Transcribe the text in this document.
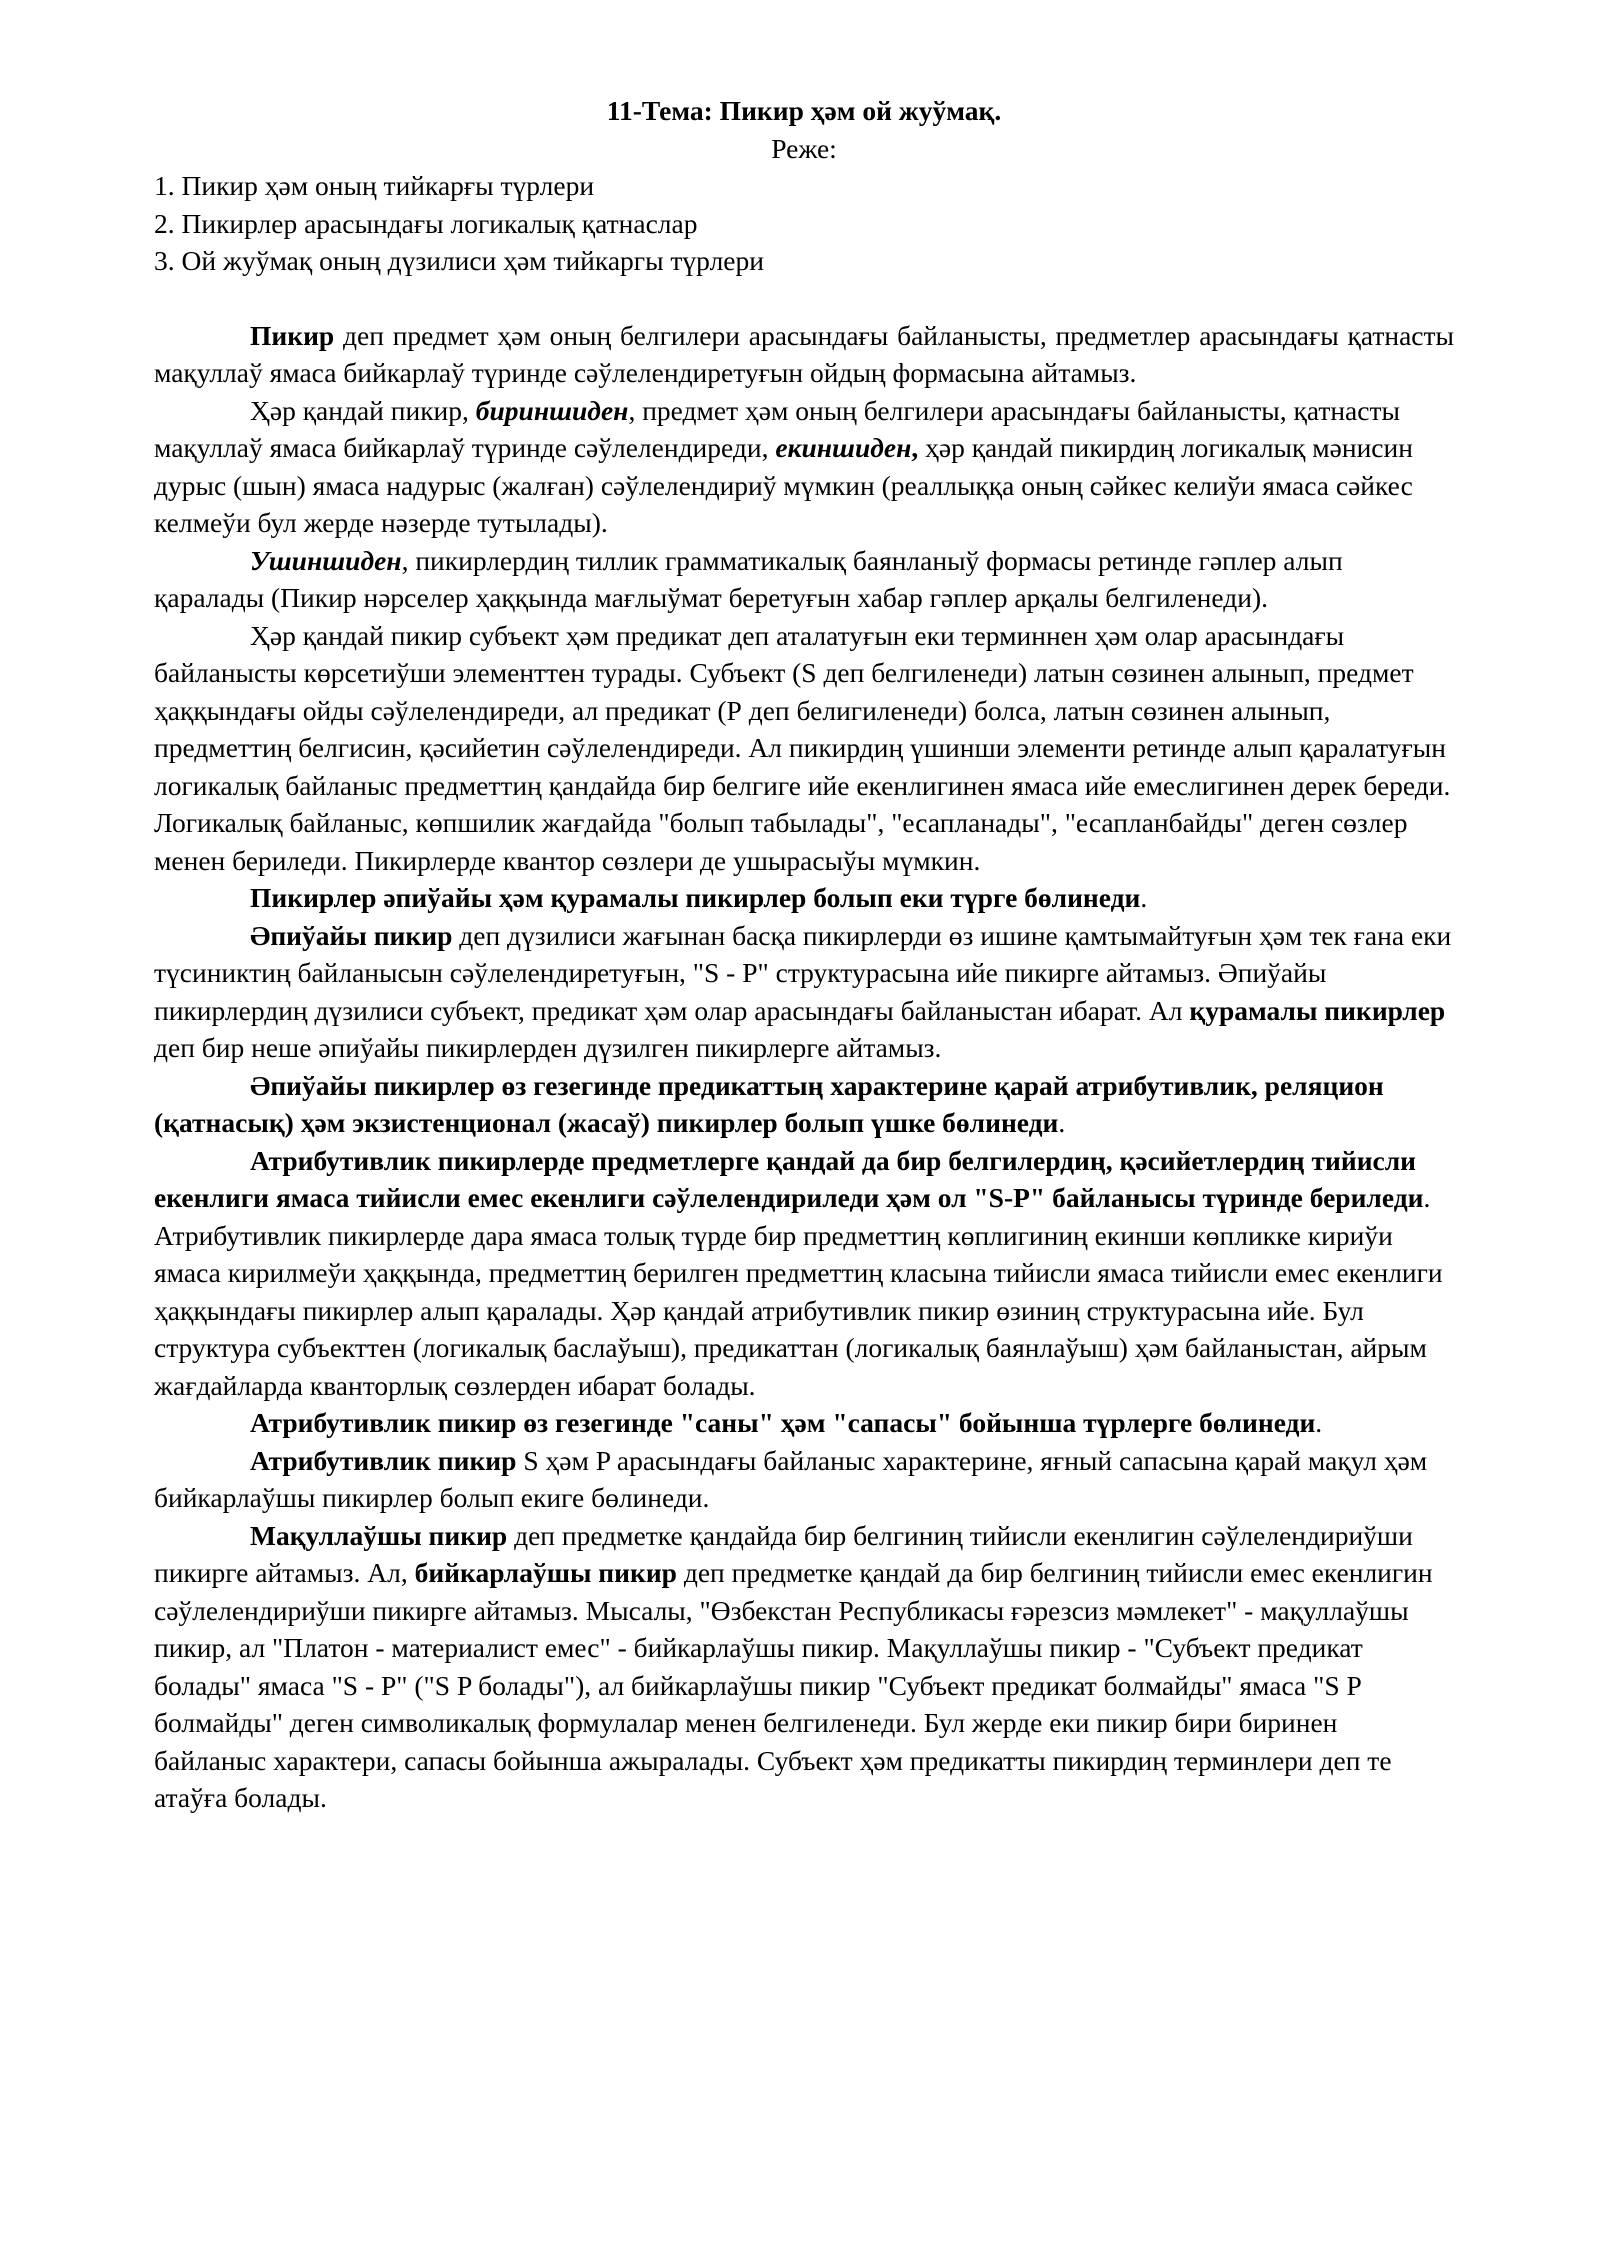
11-Тема: Пикир ҳәм ой жуўмақ.

Реже:

1. Пикир ҳәм оның тийкарғы түрлери
2. Пикирлер арасындағы логикалық қатнаслар
3. Ой жуўмақ оның дүзилиси ҳәм тийкаргы түрлери

Пикир деп предмет ҳәм оның белгилери арасындағы байланысты, предметлер арасындағы қатнасты мақуллаў ямаса бийкарлаў түринде сәўлелендиретуғын ойдың формасына айтамыз.

Ҳәр қандай пикир, бириншиден, предмет ҳәм оның белгилери арасындағы байланысты, қатнасты мақуллаў ямаса бийкарлаў түринде сәўлелендиреди, екиншиден, ҳәр қандай пикирдиң логикалық мәнисин дурыс (шын) ямаса надурыс (жалған) сәўлелендириў мүмкин (реаллыққа оның сәйкес келиўи ямаса сәйкес келмеўи бул жерде нәзерде тутылады).

Ушиншиден, пикирлердиң тиллик грамматикалық баянланыў формасы ретинде гәплер алып қаралады (Пикир нәрселер ҳаққында мағлыўмат беретуғын хабар гәплер арқалы белгиленеди).

Ҳәр қандай пикир субъект ҳәм предикат деп аталатуғын еки терминнен ҳәм олар арасындағы байланысты көрсетиўши элементтен турады. Субъект (S деп белгиленеди) латын сөзинен алынып, предмет ҳаққындағы ойды сәўлелендиреди, ал предикат (Р деп белигиленеди) болса, латын сөзинен алынып, предметтиң белгисин, қәсийетин сәўлелендиреди. Ал пикирдиң үшинши элементи ретинде алып қаралатуғын логикалық байланыс предметтиң қандайда бир белгиге ийе екенлигинен ямаса ийе емеслигинен дерек береди. Логикалық байланыс, көпшилик жағдайда "болып табылады", "есапланады", "есапланбайды" деген сөзлер менен бериледи. Пикирлерде квантор сөзлери де ушырасыўы мүмкин.

Пикирлер әпиўайы ҳәм қурамалы пикирлер болып еки түрге бөлинеди.

Әпиўайы пикир деп дүзилиси жағынан басқа пикирлерди өз ишине қамтымайтуғын ҳәм тек ғана еки түсиниктиң байланысын сәўлелендиретуғын, "S - P" структурасына ийе пикирге айтамыз. Әпиўайы пикирлердиң дүзилиси субъект, предикат ҳәм олар арасындағы байланыстан ибарат. Ал қурамалы пикирлер деп бир неше әпиўайы пикирлерден дүзилген пикирлерге айтамыз.

Әпиўайы пикирлер өз гезегинде предикаттың характерине қарай атрибутивлик, реляцион (қатнасық) ҳәм экзистенционал (жасаў) пикирлер болып үшке бөлинеди.

Атрибутивлик пикирлерде предметлерге қандай да бир белгилердиң, қәсийетлердиң тийисли екенлиги ямаса тийисли емес екенлиги сәўлелендириледи ҳәм ол "S-P" байланысы түринде бериледи. Атрибутивлик пикирлерде дара ямаса толық түрде бир предметтиң көплигиниң екинши көпликке кириўи ямаса кирилмеўи ҳаққында, предметтиң берилген предметтиң класына тийисли ямаса тийисли емес екенлиги ҳаққындағы пикирлер алып қаралады. Ҳәр қандай атрибутивлик пикир өзиниң структурасына ийе. Бул структура субъекттен (логикалық баслаўыш), предикаттан (логикалық баянлаўыш) ҳәм байланыстан, айрым жағдайларда кванторлық сөзлерден ибарат болады.

Атрибутивлик пикир өз гезегинде "саны" ҳәм "сапасы" бойынша түрлерге бөлинеди.

Атрибутивлик пикир S ҳәм P арасындағы байланыс характерине, яғный сапасына қарай мақул ҳәм бийкарлаўшы пикирлер болып екиге бөлинеди.

Мақуллаўшы пикир деп предметке қандайда бир белгиниң тийисли екенлигин сәўлелендириўши пикирге айтамыз. Ал, бийкарлаўшы пикир деп предметке қандай да бир белгиниң тийисли емес екенлигин сәўлелендириўши пикирге айтамыз. Мысалы, "Өзбекстан Республикасы ғәрезсиз мәмлекет" - мақуллаўшы пикир, ал "Платон - материалист емес" - бийкарлаўшы пикир. Мақуллаўшы пикир - "Субъект предикат болады" ямаса "S - P" ("S P болады"), ал бийкарлаўшы пикир "Субъект предикат болмайды" ямаса "S P болмайды" деген символикалық формулалар менен белгиленеди. Бул жерде еки пикир бири биринен байланыс характери, сапасы бойынша ажыралады. Субъект ҳәм предикатты пикирдиң терминлери деп те атаўға болады.
